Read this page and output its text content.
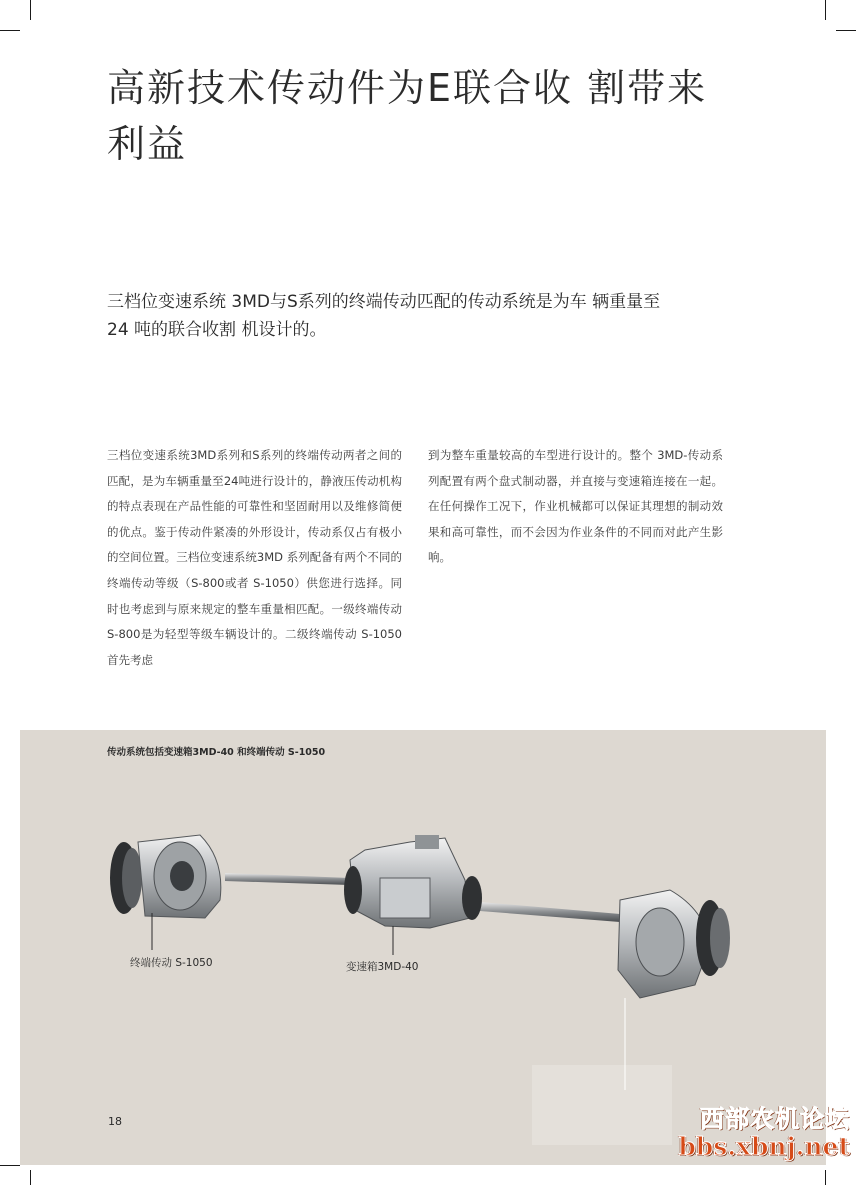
高新技术传动件为E联合收 割带来利益

三档位变速系统 3MD与S系列的终端传动匹配的传动系统是为车 辆重量至24 吨的联合收割 机设计的。

三档位变速系统3MD系列和S系列的终端传动两者之间的匹配，是为车辆重量至24吨进行设计的，静液压传动机构的特点表现在产品性能的可靠性和坚固耐用以及维修简便的优点。鉴于传动件紧凑的外形设计，传动系仅占有极小的空间位置。三档位变速系统3MD 系列配备有两个不同的终端传动等级（S-800或者 S-1050）供您进行选择。同时也考虑到与原来规定的整车重量相匹配。一级终端传动 S-800是为轻型等级车辆设计的。二级终端传动 S-1050首先考虑

到为整车重量较高的车型进行设计的。整个 3MD-传动系列配置有两个盘式制动器，并直接与变速箱连接在一起。在任何操作工况下，作业机械都可以保证其理想的制动效果和高可靠性，而不会因为作业条件的不同而对此产生影响。

传动系统包括变速箱3MD-40 和终端传动 S-1050
终端传动 S-1050	变速箱3MD-40
18	西部农机论坛
bbs.xbnj.net
